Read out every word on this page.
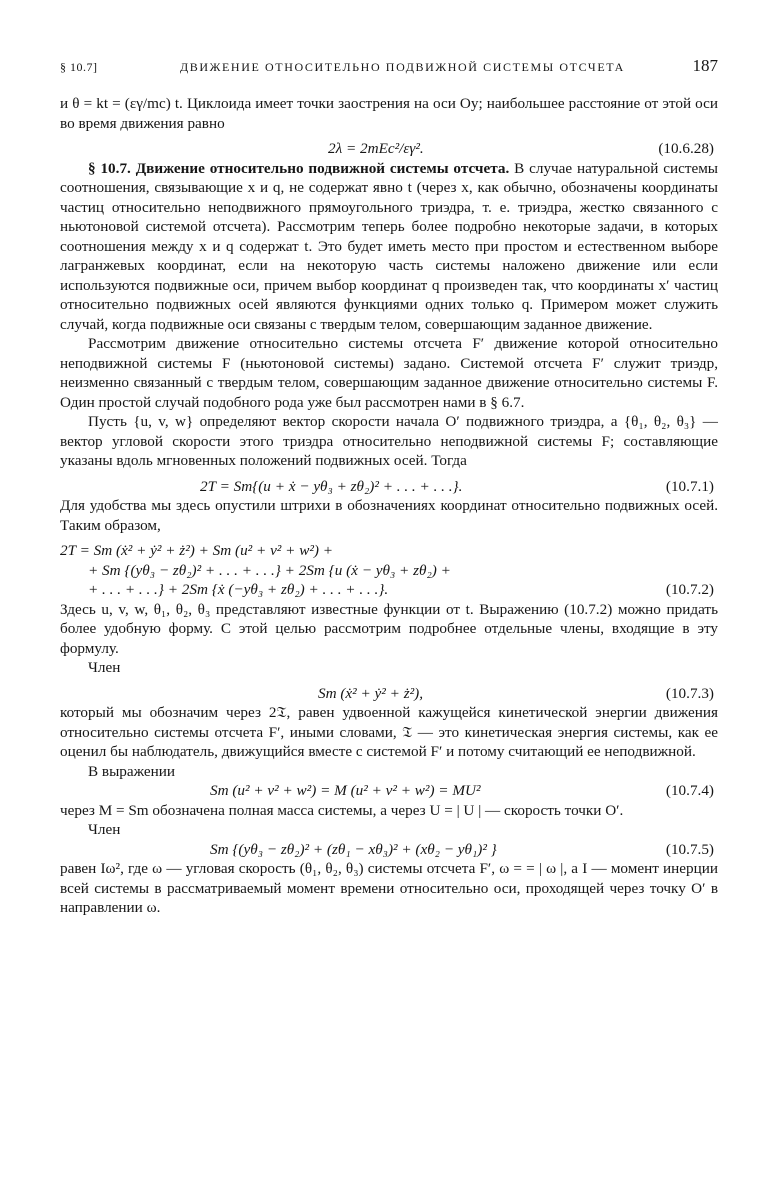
§ 10.7]	ДВИЖЕНИЕ ОТНОСИТЕЛЬНО ПОДВИЖНОЙ СИСТЕМЫ ОТСЧЕТА	187

и θ = kt = (εγ/mc) t. Циклоида имеет точки заострения на оси Oy; наибольшее расстояние от этой оси во время движения равно

2λ = 2mEc²/εγ².	(10.6.28)

§ 10.7. Движение относительно подвижной системы отсчета. В случае натуральной системы соотношения, связывающие x и q, не содержат явно t (через x, как обычно, обозначены координаты частиц относительно неподвижного прямоугольного триэдра, т. е. триэдра, жестко связанного с ньютоновой системой отсчета). Рассмотрим теперь более подробно некоторые задачи, в которых соотношения между x и q содержат t. Это будет иметь место при простом и естественном выборе лагранжевых координат, если на некоторую часть системы наложено движение или если используются подвижные оси, причем выбор координат q произведен так, что координаты x′ частиц относительно подвижных осей являются функциями одних только q. Примером может служить случай, когда подвижные оси связаны с твердым телом, совершающим заданное движение.

Рассмотрим движение относительно системы отсчета F′ движение которой относительно неподвижной системы F (ньютоновой системы) задано. Системой отсчета F′ служит триэдр, неизменно связанный с твердым телом, совершающим заданное движение относительно системы F. Один простой случай подобного рода уже был рассмотрен нами в § 6.7.

Пусть {u, v, w} определяют вектор скорости начала O′ подвижного триэдра, а {θ₁, θ₂, θ₃} — вектор угловой скорости этого триэдра относительно неподвижной системы F; составляющие указаны вдоль мгновенных положений подвижных осей. Тогда

2T = Sm{(u + ẋ − yθ₃ + zθ₂)² + . . . + . . .}.	(10.7.1)

Для удобства мы здесь опустили штрихи в обозначениях координат относительно подвижных осей. Таким образом,

2T = Sm (ẋ² + ẏ² + ż²) + Sm (u² + v² + w²) +
+ Sm {(yθ₃ − zθ₂)² + . . . + . . .} + 2Sm {u (ẋ − yθ₃ + zθ₂) +
+ . . . + . . .} + 2Sm {ẋ (−yθ₃ + zθ₂) + . . . + . . .}.	(10.7.2)

Здесь u, v, w, θ₁, θ₂, θ₃ представляют известные функции от t. Выражению (10.7.2) можно придать более удобную форму. С этой целью рассмотрим подробнее отдельные члены, входящие в эту формулу.

Член

Sm (ẋ² + ẏ² + ż²),	(10.7.3)

который мы обозначим через 2𝔗, равен удвоенной кажущейся кинетической энергии движения относительно системы отсчета F′, иными словами, 𝔗 — это кинетическая энергия системы, как ее оценил бы наблюдатель, движущийся вместе с системой F′ и потому считающий ее неподвижной.

В выражении

Sm (u² + v² + w²) = M (u² + v² + w²) = MU²	(10.7.4)

через M = Sm обозначена полная масса системы, а через U = | U | — скорость точки O′.

Член

Sm {(yθ₃ − zθ₂)² + (zθ₁ − xθ₃)² + (xθ₂ − yθ₁)² }	(10.7.5)

равен Iω², где ω — угловая скорость (θ₁, θ₂, θ₃) системы отсчета F′, ω = = | ω |, а I — момент инерции всей системы в рассматриваемый момент времени относительно оси, проходящей через точку O′ в направлении ω.
